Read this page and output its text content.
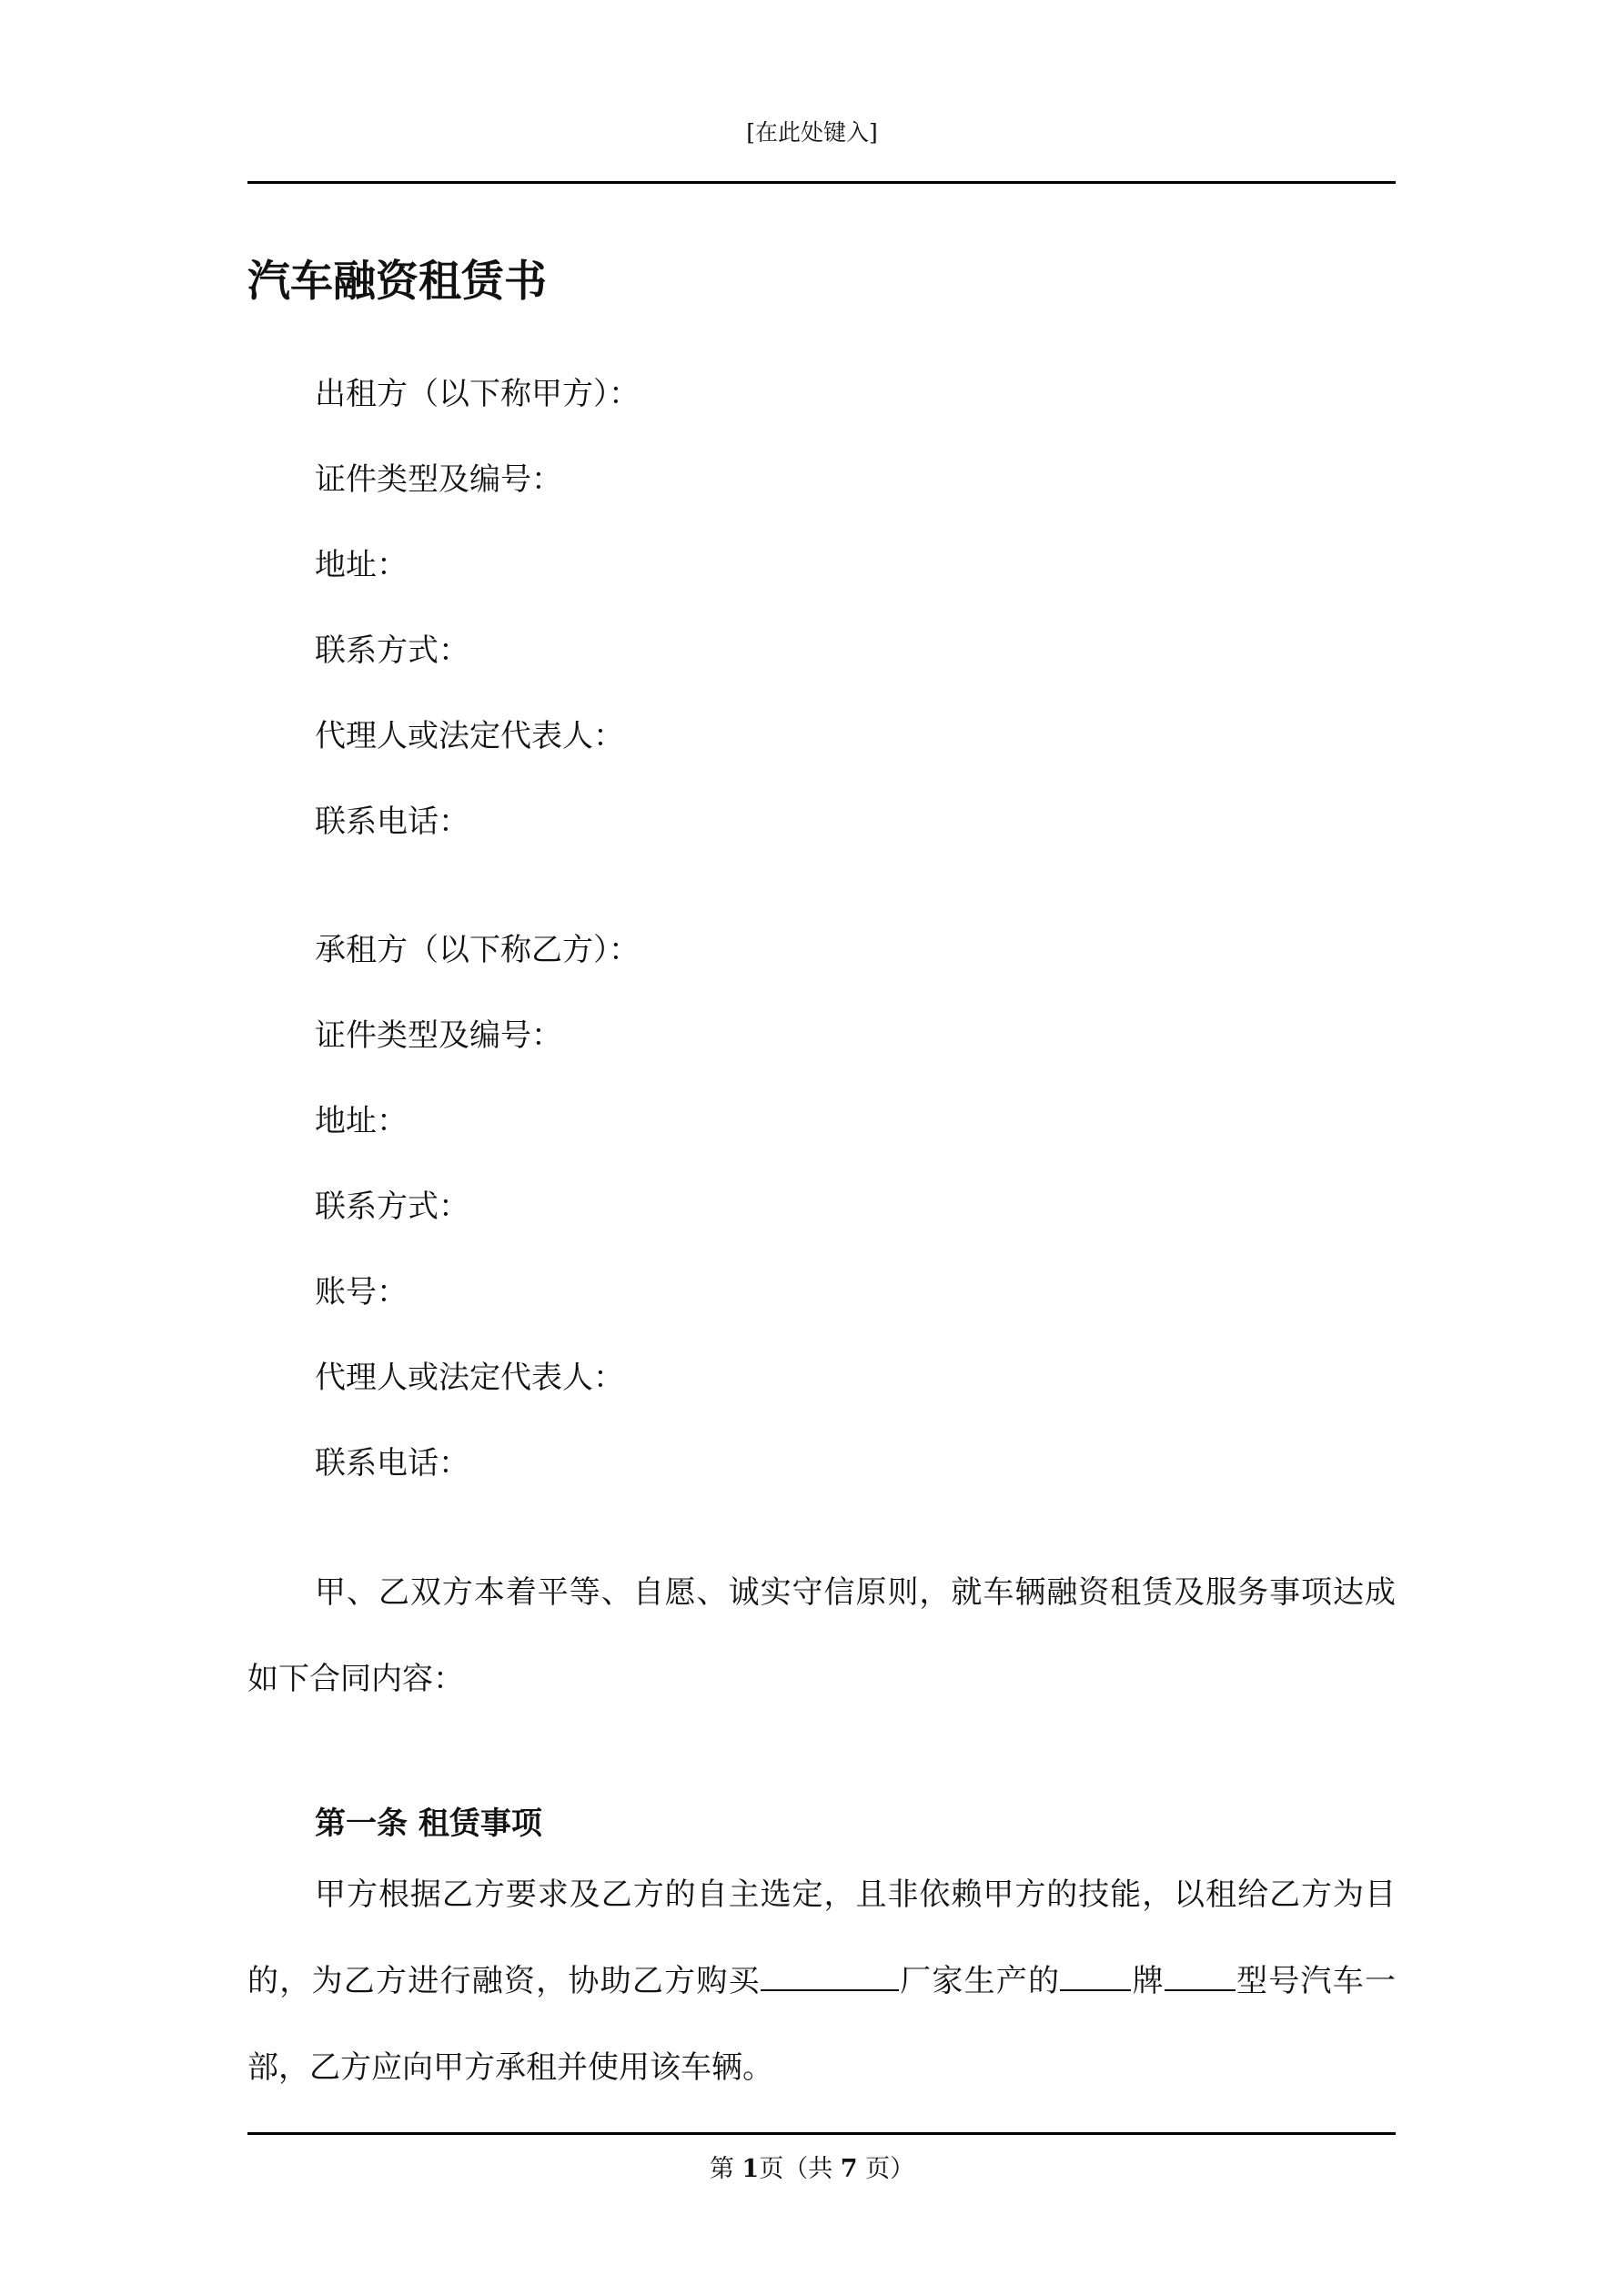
[在此处键入]
汽车融资租赁书
出租方（以下称甲方）：
证件类型及编号：
地址：
联系方式：
代理人或法定代表人：
联系电话：
承租方（以下称乙方）：
证件类型及编号：
地址：
联系方式：
账号：
代理人或法定代表人：
联系电话：
甲、乙双方本着平等、自愿、诚实守信原则，就车辆融资租赁及服务事项达成如下合同内容：
第一条 租赁事项
甲方根据乙方要求及乙方的自主选定，且非依赖甲方的技能，以租给乙方为目的，为乙方进行融资，协助乙方购买	厂家生产的 牌 型号汽车一部，乙方应向甲方承租并使用该车辆。
第 1页（共 7 页）
